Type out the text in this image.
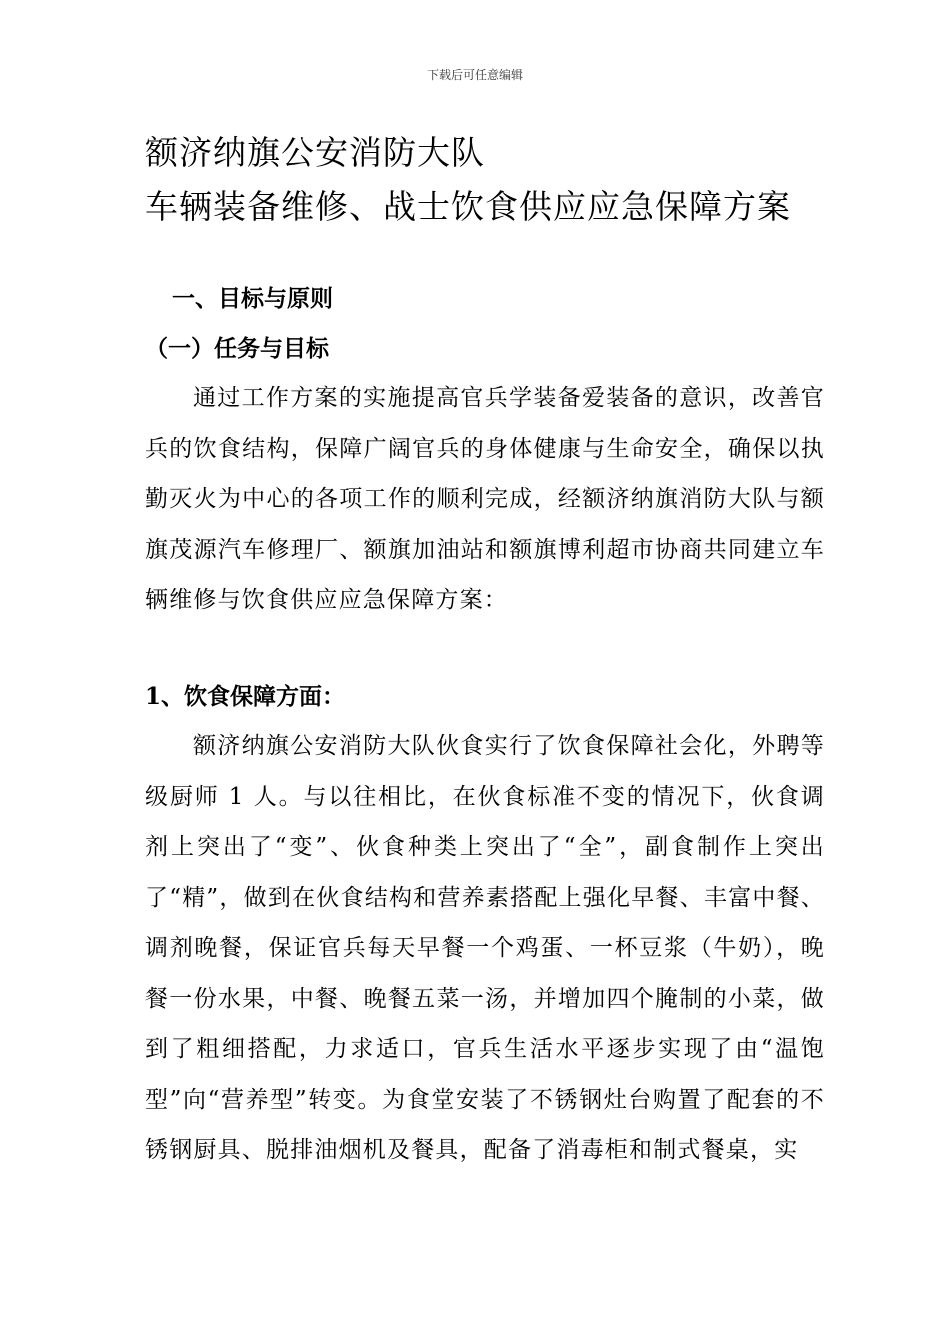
下载后可任意编辑
额济纳旗公安消防大队
车辆装备维修、战士饮食供应应急保障方案
一、目标与原则
（一）任务与目标

通过工作方案的实施提高官兵学装备爱装备的意识，改善官兵的饮食结构，保障广阔官兵的身体健康与生命安全，确保以执勤灭火为中心的各项工作的顺利完成，经额济纳旗消防大队与额旗茂源汽车修理厂、额旗加油站和额旗博利超市协商共同建立车辆维修与饮食供应应急保障方案：

1、饮食保障方面：

额济纳旗公安消防大队伙食实行了饮食保障社会化，外聘等级厨师 1 人。与以往相比，在伙食标准不变的情况下，伙食调剂上突出了“变”、伙食种类上突出了“全”，副食制作上突出了“精”，做到在伙食结构和营养素搭配上强化早餐、丰富中餐、调剂晚餐，保证官兵每天早餐一个鸡蛋、一杯豆浆（牛奶），晚餐一份水果，中餐、晚餐五菜一汤，并增加四个腌制的小菜，做到了粗细搭配，力求适口，官兵生活水平逐步实现了由“温饱型”向“营养型”转变。为食堂安装了不锈钢灶台购置了配套的不锈钢厨具、脱排油烟机及餐具，配备了消毒柜和制式餐桌，实
